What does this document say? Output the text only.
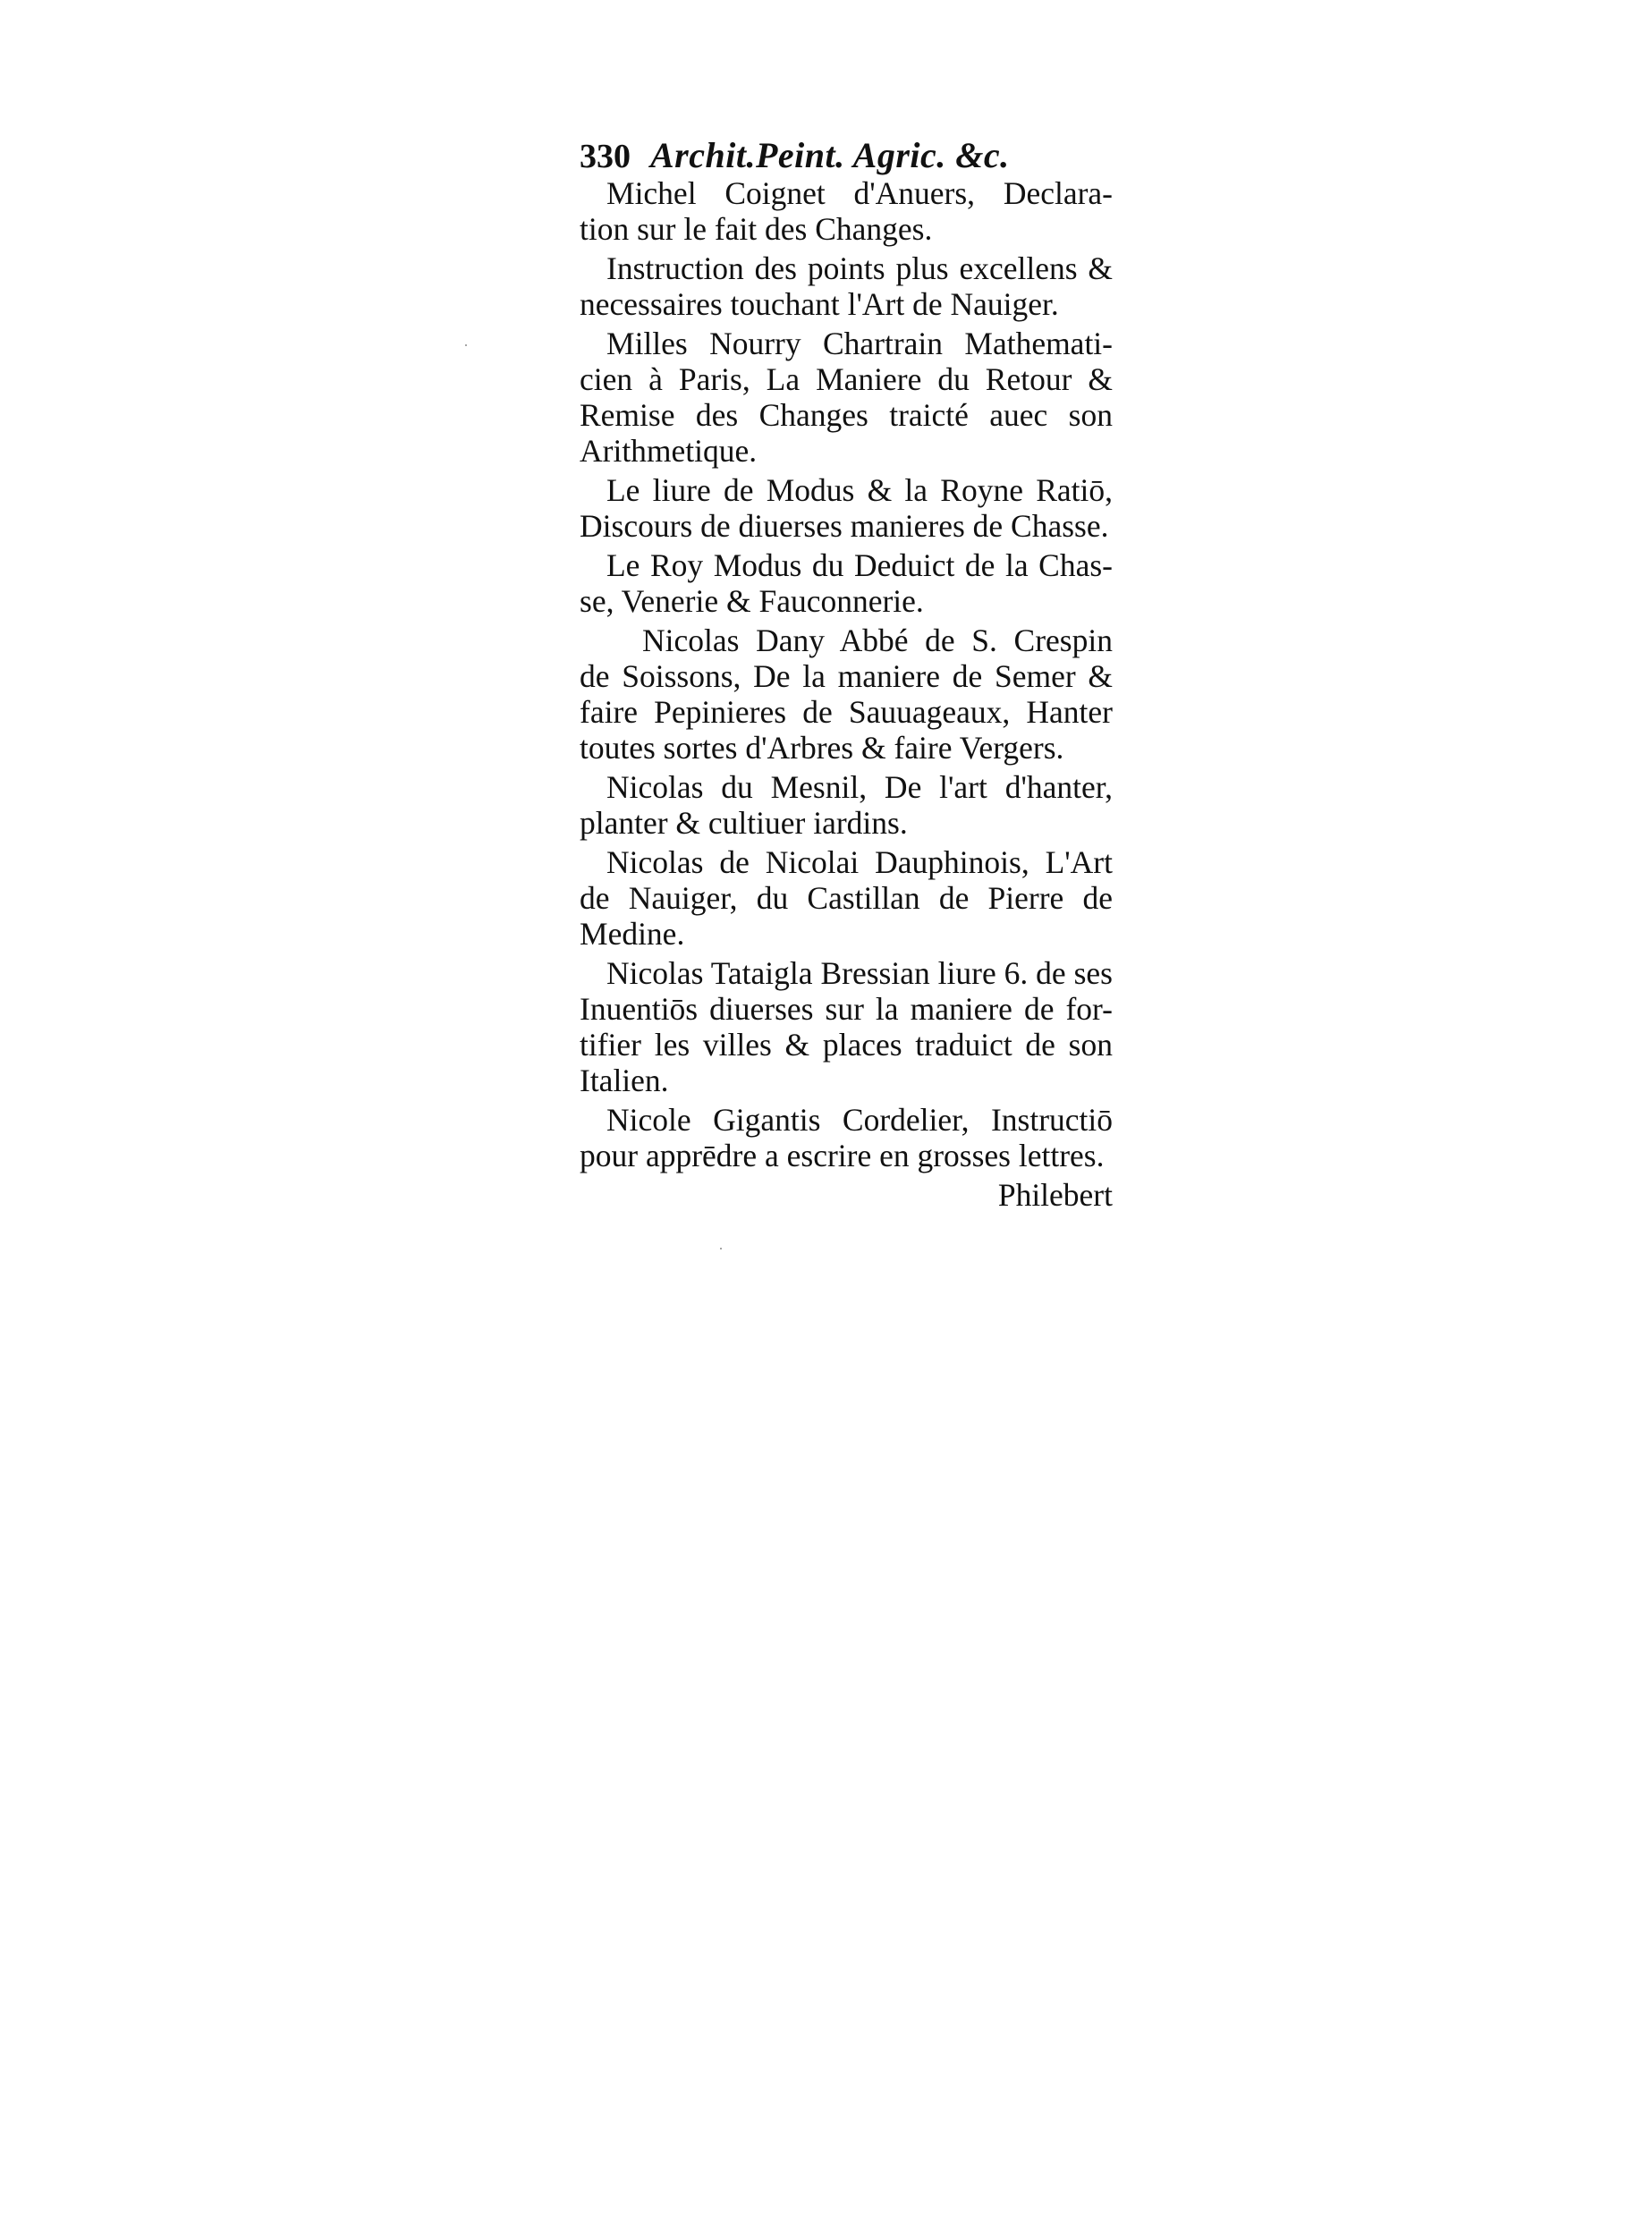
330 Archit.Peint. Agric. &c.

Michel Coignet d'Anuers, Declara-
tion sur le fait des Changes.

Instruction des points plus excellens &
necessaires touchant l'Art de Nauiger.

Milles Nourry Chartrain Mathemati-
cien à Paris, La Maniere du Retour &
Remise des Changes traicté auec son
Arithmetique.

Le liure de Modus & la Royne Ratiō,
Discours de diuerses manieres de Chasse.

Le Roy Modus du Deduict de la Chas-
se, Venerie & Fauconnerie.

Nicolas Dany Abbé de S. Crespin
de Soissons, De la maniere de Semer &
faire Pepinieres de Sauuageaux, Hanter
toutes sortes d'Arbres & faire Vergers.

Nicolas du Mesnil, De l'art d'hanter,
planter & cultiuer iardins.

Nicolas de Nicolai Dauphinois, L'Art
de Nauiger, du Castillan de Pierre de
Medine.

Nicolas Tataigla Bressian liure 6. de ses
Inuentiōs diuerses sur la maniere de for-
tifier les villes & places traduict de son
Italien.

Nicole Gigantis Cordelier, Instructiō
pour apprēdre a escrire en grosses lettres.

Philebert
